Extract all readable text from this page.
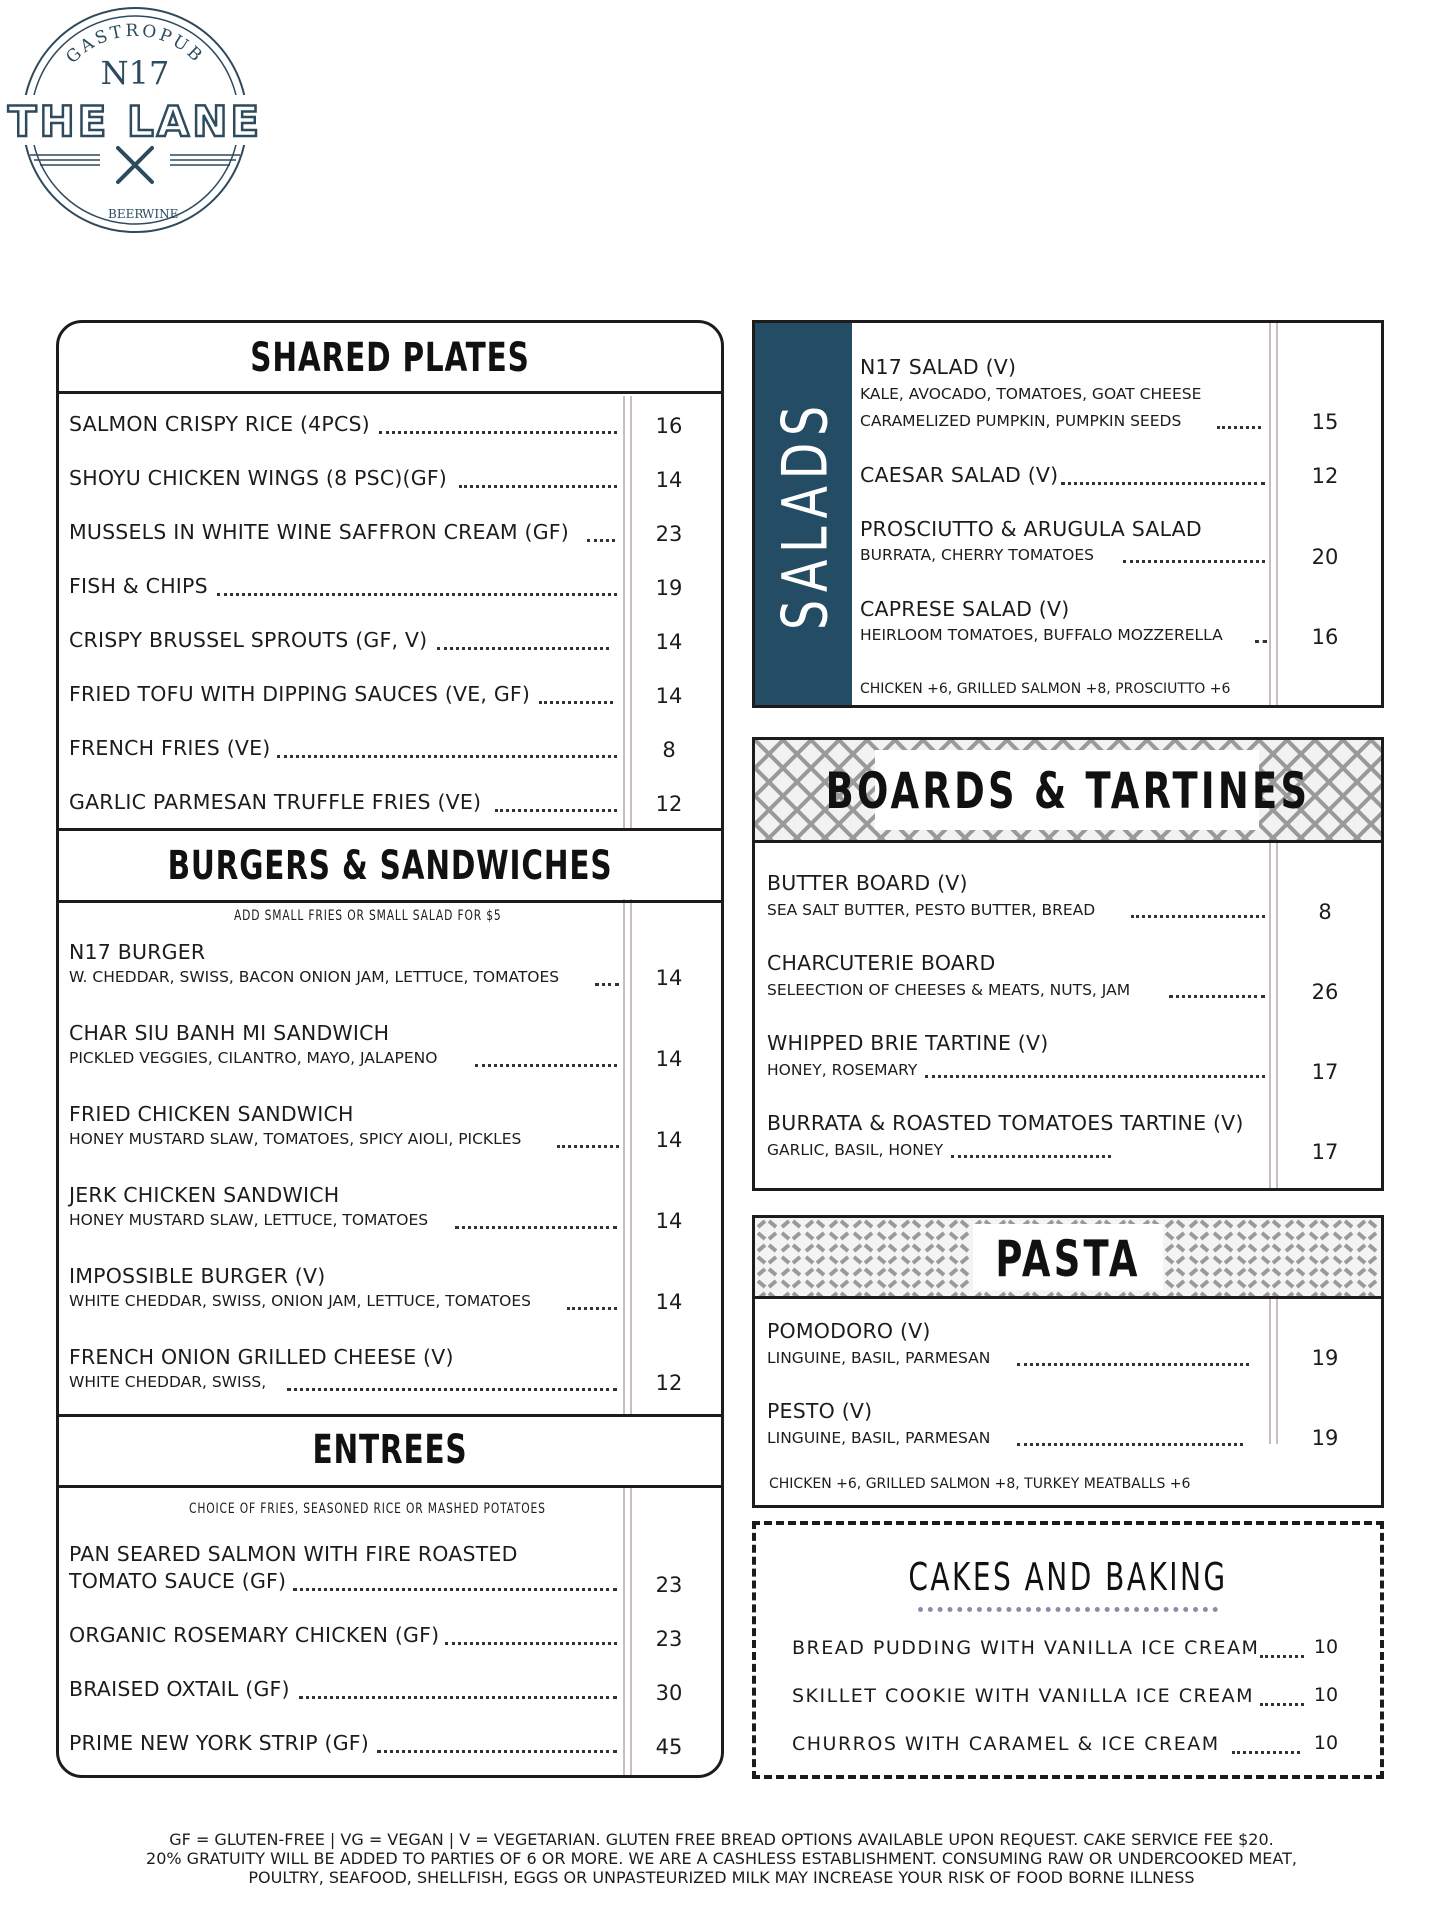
GASTROPUB
N17
THE LANE
BEER
WINE
SHARED PLATES
SALMON CRISPY RICE (4PCS)	16
SHOYU CHICKEN WINGS (8 PSC)(GF)	14
MUSSELS IN WHITE WINE SAFFRON CREAM (GF)	23
FISH & CHIPS	19
CRISPY BRUSSEL SPROUTS (GF, V)	14
FRIED TOFU WITH DIPPING SAUCES (VE, GF)	14
FRENCH FRIES (VE)	8
GARLIC PARMESAN TRUFFLE FRIES (VE)	12
BURGERS & SANDWICHES
ADD SMALL FRIES OR SMALL SALAD FOR $5
N17 BURGER
W. CHEDDAR, SWISS, BACON ONION JAM, LETTUCE, TOMATOES	14
CHAR SIU BANH MI SANDWICH
PICKLED VEGGIES, CILANTRO, MAYO, JALAPENO	14
FRIED CHICKEN SANDWICH
HONEY MUSTARD SLAW, TOMATOES, SPICY AIOLI, PICKLES	14
JERK CHICKEN SANDWICH
HONEY MUSTARD SLAW, LETTUCE, TOMATOES	14
IMPOSSIBLE BURGER (V)
WHITE CHEDDAR, SWISS, ONION JAM, LETTUCE, TOMATOES	14
FRENCH ONION GRILLED CHEESE (V)
WHITE CHEDDAR, SWISS,	12
ENTREES
CHOICE OF FRIES, SEASONED RICE OR MASHED POTATOES
PAN SEARED SALMON WITH FIRE ROASTED
TOMATO SAUCE (GF)	23
ORGANIC ROSEMARY CHICKEN (GF)	23
BRAISED OXTAIL (GF)	30
PRIME NEW YORK STRIP (GF)	45
SALADS
N17 SALAD (V)
KALE, AVOCADO, TOMATOES, GOAT CHEESE
CARAMELIZED PUMPKIN, PUMPKIN SEEDS	15
CAESAR SALAD (V)	12
PROSCIUTTO & ARUGULA SALAD
BURRATA, CHERRY TOMATOES	20
CAPRESE SALAD (V)
HEIRLOOM TOMATOES, BUFFALO MOZZERELLA	16
CHICKEN +6, GRILLED SALMON +8, PROSCIUTTO +6
BOARDS & TARTINES
BUTTER BOARD (V)
SEA SALT BUTTER, PESTO BUTTER, BREAD	8
CHARCUTERIE BOARD
SELEECTION OF CHEESES & MEATS, NUTS, JAM	26
WHIPPED BRIE TARTINE (V)
HONEY, ROSEMARY	17
BURRATA & ROASTED TOMATOES TARTINE (V)
GARLIC, BASIL, HONEY	17
PASTA
POMODORO (V)
LINGUINE, BASIL, PARMESAN	19
PESTO (V)
LINGUINE, BASIL, PARMESAN	19
CHICKEN +6, GRILLED SALMON +8, TURKEY MEATBALLS +6
CAKES AND BAKING
BREAD PUDDING WITH VANILLA ICE CREAM	10
SKILLET COOKIE WITH VANILLA ICE CREAM	10
CHURROS WITH CARAMEL & ICE CREAM	10
GF = GLUTEN-FREE | VG = VEGAN | V = VEGETARIAN. GLUTEN FREE BREAD OPTIONS AVAILABLE UPON REQUEST. CAKE SERVICE FEE $20.
20% GRATUITY WILL BE ADDED TO PARTIES OF 6 OR MORE. WE ARE A CASHLESS ESTABLISHMENT. CONSUMING RAW OR UNDERCOOKED MEAT,
POULTRY, SEAFOOD, SHELLFISH, EGGS OR UNPASTEURIZED MILK MAY INCREASE YOUR RISK OF FOOD BORNE ILLNESS
